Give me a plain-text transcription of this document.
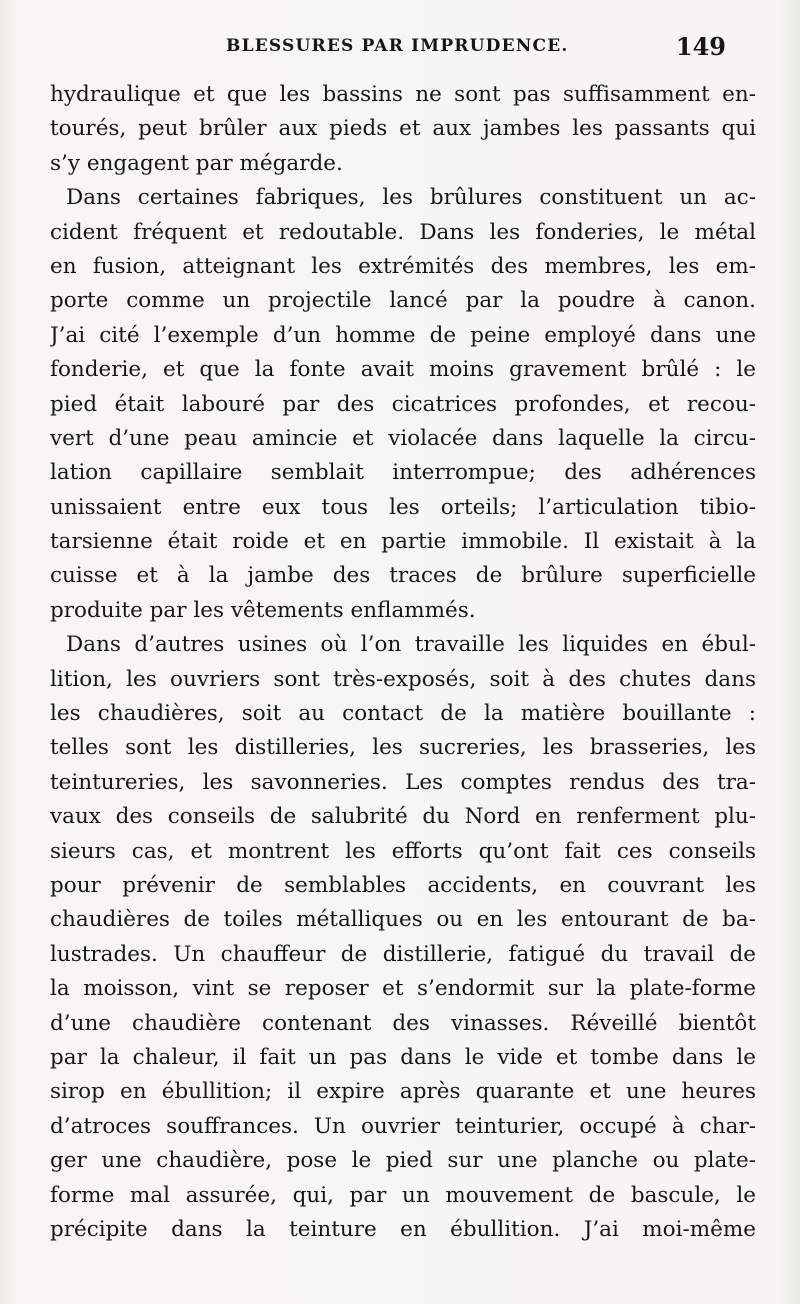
BLESSURES PAR IMPRUDENCE.	149
hydraulique et que les bassins ne sont pas suffisamment en-
tourés, peut brûler aux pieds et aux jambes les passants qui
s’y engagent par mégarde.
Dans certaines fabriques, les brûlures constituent un ac-
cident fréquent et redoutable. Dans les fonderies, le métal
en fusion, atteignant les extrémités des membres, les em-
porte comme un projectile lancé par la poudre à canon.
J’ai cité l’exemple d’un homme de peine employé dans une
fonderie, et que la fonte avait moins gravement brûlé : le
pied était labouré par des cicatrices profondes, et recou-
vert d’une peau amincie et violacée dans laquelle la circu-
lation capillaire semblait interrompue; des adhérences
unissaient entre eux tous les orteils; l’articulation tibio-
tarsienne était roide et en partie immobile. Il existait à la
cuisse et à la jambe des traces de brûlure superficielle
produite par les vêtements enflammés.
Dans d’autres usines où l’on travaille les liquides en ébul-
lition, les ouvriers sont très-exposés, soit à des chutes dans
les chaudières, soit au contact de la matière bouillante :
telles sont les distilleries, les sucreries, les brasseries, les
teintureries, les savonneries. Les comptes rendus des tra-
vaux des conseils de salubrité du Nord en renferment plu-
sieurs cas, et montrent les efforts qu’ont fait ces conseils
pour prévenir de semblables accidents, en couvrant les
chaudières de toiles métalliques ou en les entourant de ba-
lustrades. Un chauffeur de distillerie, fatigué du travail de
la moisson, vint se reposer et s’endormit sur la plate-forme
d’une chaudière contenant des vinasses. Réveillé bientôt
par la chaleur, il fait un pas dans le vide et tombe dans le
sirop en ébullition; il expire après quarante et une heures
d’atroces souffrances. Un ouvrier teinturier, occupé à char-
ger une chaudière, pose le pied sur une planche ou plate-
forme mal assurée, qui, par un mouvement de bascule, le
précipite dans la teinture en ébullition. J’ai moi-même
